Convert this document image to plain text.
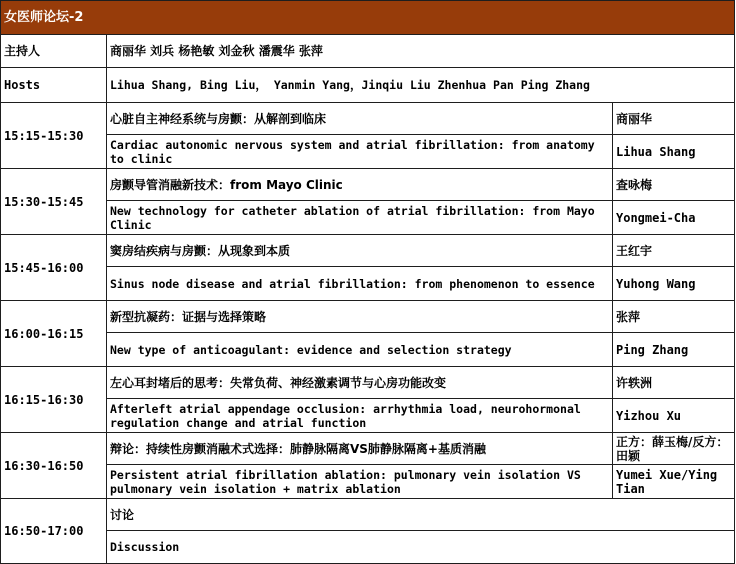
女医师论坛-2		
主持人	商丽华 刘兵 杨艳敏 刘金秋 潘震华 张萍	
Hosts	Lihua Shang, Bing Liu， Yanmin Yang，Jinqiu Liu Zhenhua Pan Ping Zhang	
15:15-15:30	心脏自主神经系统与房颤：从解剖到临床	商丽华
	Cardiac autonomic nervous system and atrial fibrillation: from anatomy to clinic	Lihua Shang
15:30-15:45	房颤导管消融新技术：from Mayo Clinic	查咏梅
	New technology for catheter ablation of atrial fibrillation: from Mayo Clinic	Yongmei-Cha
15:45-16:00	窦房结疾病与房颤：从现象到本质	王红宇
	Sinus node disease and atrial fibrillation: from phenomenon to essence	Yuhong Wang
16:00-16:15	新型抗凝药：证据与选择策略	张萍
	New type of anticoagulant: evidence and selection strategy	Ping Zhang
16:15-16:30	左心耳封堵后的思考：失常负荷、神经激素调节与心房功能改变	许轶洲
	Afterleft atrial appendage occlusion: arrhythmia load, neurohormonal regulation change and atrial function	Yizhou Xu
16:30-16:50	辩论：持续性房颤消融术式选择：肺静脉隔离VS肺静脉隔离+基质消融	正方：薛玉梅/反方：田颖
	Persistent atrial fibrillation ablation: pulmonary vein isolation VS pulmonary vein isolation + matrix ablation	Yumei Xue/Ying Tian
16:50-17:00	讨论	
	Discussion	
